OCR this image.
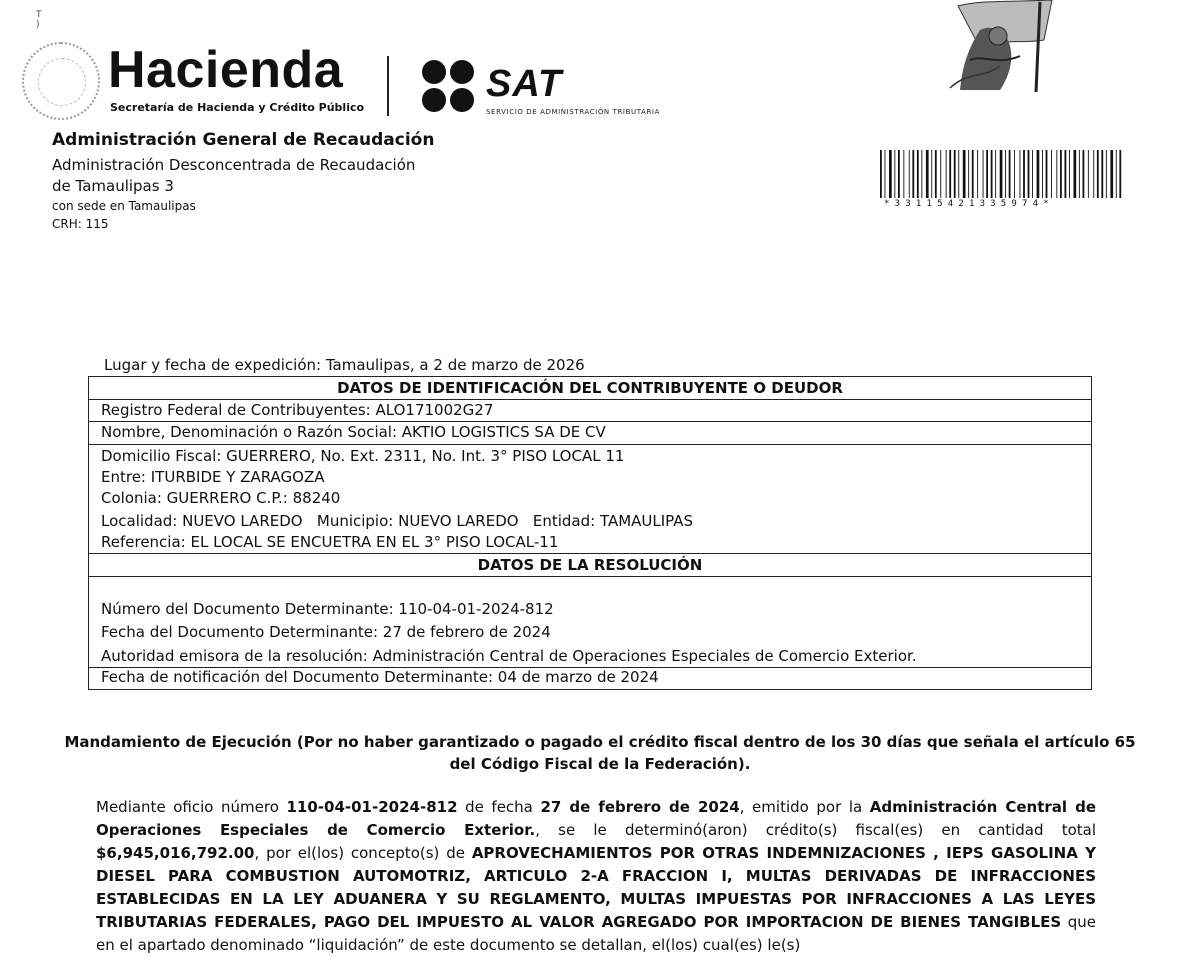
T
)
Hacienda
Secretaría de Hacienda y Crédito Público
SAT
SERVICIO DE ADMINISTRACIÓN TRIBUTARIA
*33115421335974*
Administración General de Recaudación
Administración Desconcentrada de Recaudación
de Tamaulipas 3
con sede en Tamaulipas
CRH: 115
Lugar y fecha de expedición: Tamaulipas, a 2 de marzo de 2026
DATOS DE IDENTIFICACIÓN DEL CONTRIBUYENTE O DEUDOR
Registro Federal de Contribuyentes: ALO171002G27
Nombre, Denominación o Razón Social: AKTIO LOGISTICS SA DE CV
Domicilio Fiscal: GUERRERO, No. Ext. 2311, No. Int. 3° PISO LOCAL 11
Entre: ITURBIDE Y ZARAGOZA
Colonia: GUERRERO C.P.: 88240
Localidad: NUEVO LAREDO   Municipio: NUEVO LAREDO   Entidad: TAMAULIPAS
Referencia: EL LOCAL SE ENCUETRA EN EL 3° PISO LOCAL-11
DATOS DE LA RESOLUCIÓN
Número del Documento Determinante: 110-04-01-2024-812
Fecha del Documento Determinante: 27 de febrero de 2024
Autoridad emisora de la resolución: Administración Central de Operaciones Especiales de Comercio Exterior.
Fecha de notificación del Documento Determinante: 04 de marzo de 2024
Mandamiento de Ejecución (Por no haber garantizado o pagado el crédito fiscal dentro de los 30 días que señala el artículo 65
del Código Fiscal de la Federación).
Mediante oficio número 110-04-01-2024-812 de fecha 27 de febrero de 2024, emitido por la Administración Central de Operaciones Especiales de Comercio Exterior., se le determinó(aron) crédito(s) fiscal(es) en cantidad total $6,945,016,792.00, por el(los) concepto(s) de APROVECHAMIENTOS POR OTRAS INDEMNIZACIONES , IEPS GASOLINA Y DIESEL PARA COMBUSTION AUTOMOTRIZ, ARTICULO 2-A FRACCION I, MULTAS DERIVADAS DE INFRACCIONES ESTABLECIDAS EN LA LEY ADUANERA Y SU REGLAMENTO, MULTAS IMPUESTAS POR INFRACCIONES A LAS LEYES TRIBUTARIAS FEDERALES, PAGO DEL IMPUESTO AL VALOR AGREGADO POR IMPORTACION DE BIENES TANGIBLES que en el apartado denominado “liquidación” de este documento se detallan, el(los) cual(es) le(s)
